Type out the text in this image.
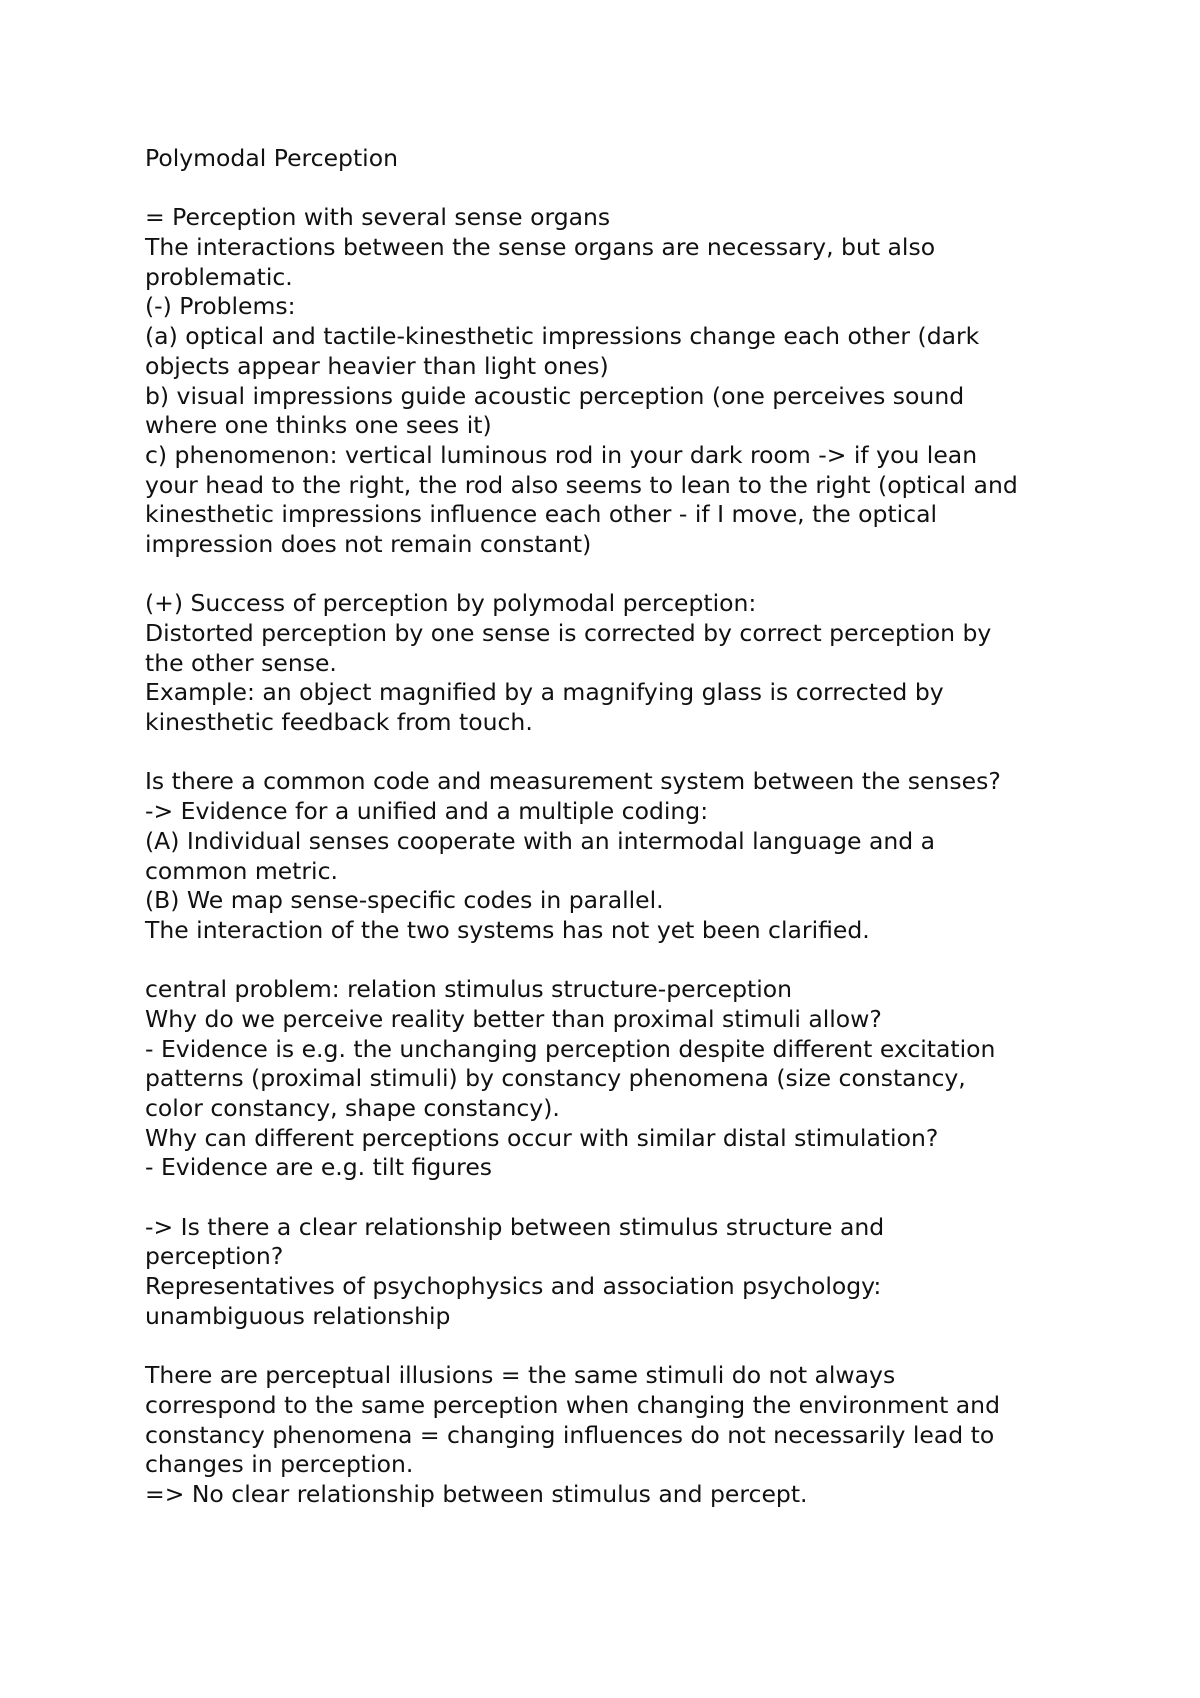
Polymodal Perception
= Perception with several sense organs
The interactions between the sense organs are necessary, but also
problematic.
(-) Problems:
(a) optical and tactile-kinesthetic impressions change each other (dark
objects appear heavier than light ones)
b) visual impressions guide acoustic perception (one perceives sound
where one thinks one sees it)
c) phenomenon: vertical luminous rod in your dark room -> if you lean
your head to the right, the rod also seems to lean to the right (optical and
kinesthetic impressions influence each other - if I move, the optical
impression does not remain constant)
(+) Success of perception by polymodal perception:
Distorted perception by one sense is corrected by correct perception by
the other sense.
Example: an object magnified by a magnifying glass is corrected by
kinesthetic feedback from touch.
Is there a common code and measurement system between the senses?
-> Evidence for a unified and a multiple coding:
(A) Individual senses cooperate with an intermodal language and a
common metric.
(B) We map sense-specific codes in parallel.
The interaction of the two systems has not yet been clarified.
central problem: relation stimulus structure-perception
Why do we perceive reality better than proximal stimuli allow?
- Evidence is e.g. the unchanging perception despite different excitation
patterns (proximal stimuli) by constancy phenomena (size constancy,
color constancy, shape constancy).
Why can different perceptions occur with similar distal stimulation?
- Evidence are e.g. tilt figures
-> Is there a clear relationship between stimulus structure and
perception?
Representatives of psychophysics and association psychology:
unambiguous relationship
There are perceptual illusions = the same stimuli do not always
correspond to the same perception when changing the environment and
constancy phenomena = changing influences do not necessarily lead to
changes in perception.
=> No clear relationship between stimulus and percept.
